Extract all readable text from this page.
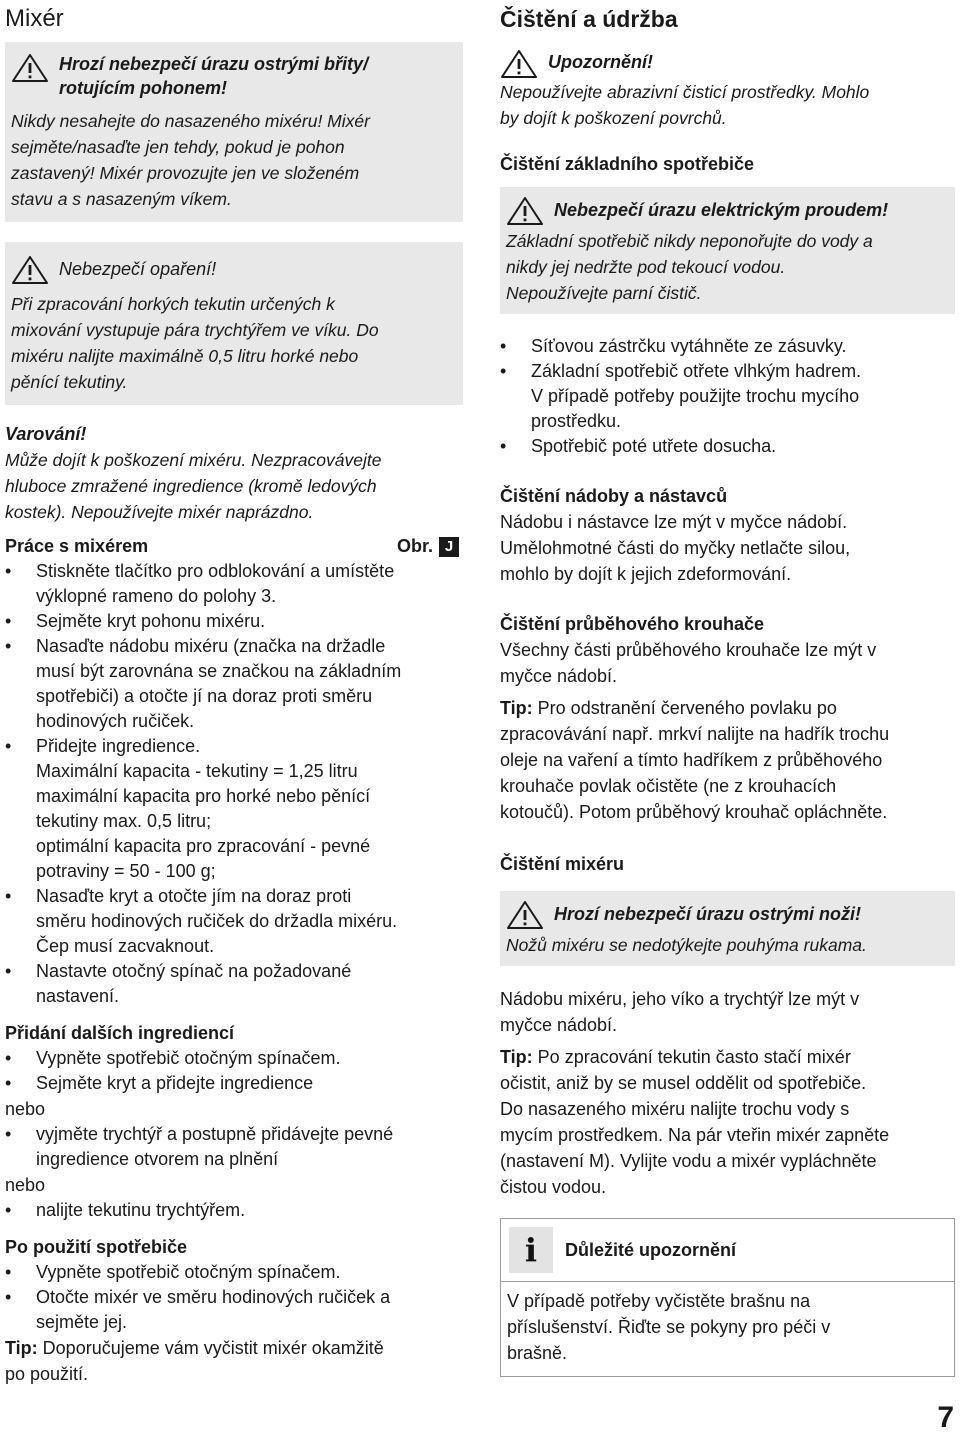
Mixér
Hrozí nebezpečí úrazu ostrými břity/
rotujícím pohonem!
Nikdy nesahejte do nasazeného mixéru! Mixér
sejměte/nasaďte jen tehdy, pokud je pohon
zastavený! Mixér provozujte jen ve složeném
stavu a s nasazeným víkem.
Nebezpečí opaření!
Při zpracování horkých tekutin určených k
mixování vystupuje pára trychtýřem ve víku. Do
mixéru nalijte maximálně 0,5 litru horké nebo
pěnící tekutiny.
Varování!
Může dojít k poškození mixéru. Nezpracovávejte
hluboce zmražené ingredience (kromě ledových
kostek). Nepoužívejte mixér naprázdno.
Práce s mixérem	Obr. J
• Stiskněte tlačítko pro odblokování a umístěte
výklopné rameno do polohy 3.
• Sejměte kryt pohonu mixéru.
• Nasaďte nádobu mixéru (značka na držadle
musí být zarovnána se značkou na základním
spotřebiči) a otočte jí na doraz proti směru
hodinových ručiček.
• Přidejte ingredience.
Maximální kapacita - tekutiny = 1,25 litru
maximální kapacita pro horké nebo pěnící
tekutiny max. 0,5 litru;
optimální kapacita pro zpracování - pevné
potraviny = 50 - 100 g;
• Nasaďte kryt a otočte jím na doraz proti
směru hodinových ručiček do držadla mixéru.
Čep musí zacvaknout.
• Nastavte otočný spínač na požadované
nastavení.
Přidání dalších ingrediencí
• Vypněte spotřebič otočným spínačem.
• Sejměte kryt a přidejte ingredience
nebo
• vyjměte trychtýř a postupně přidávejte pevné
ingredience otvorem na plnění
nebo
• nalijte tekutinu trychtýřem.
Po použití spotřebiče
• Vypněte spotřebič otočným spínačem.
• Otočte mixér ve směru hodinových ručiček a
sejměte jej.
Tip: Doporučujeme vám vyčistit mixér okamžitě
po použití.
Čištění a údržba
Upozornění!
Nepoužívejte abrazivní čisticí prostředky. Mohlo
by dojít k poškození povrchů.
Čištění základního spotřebiče
Nebezpečí úrazu elektrickým proudem!
Základní spotřebič nikdy neponořujte do vody a
nikdy jej nedržte pod tekoucí vodou.
Nepoužívejte parní čistič.
• Síťovou zástrčku vytáhněte ze zásuvky.
• Základní spotřebič otřete vlhkým hadrem.
V případě potřeby použijte trochu mycího
prostředku.
• Spotřebič poté utřete dosucha.
Čištění nádoby a nástavců
Nádobu i nástavce lze mýt v myčce nádobí.
Umělohmotné části do myčky netlačte silou,
mohlo by dojít k jejich zdeformování.
Čištění průběhového krouhače
Všechny části průběhového krouhače lze mýt v
myčce nádobí.
Tip: Pro odstranění červeného povlaku po
zpracovávání např. mrkví nalijte na hadřík trochu
oleje na vaření a tímto hadříkem z průběhového
krouhače povlak očistěte (ne z krouhacích
kotoučů). Potom průběhový krouhač opláchněte.
Čištění mixéru
Hrozí nebezpečí úrazu ostrými noži!
Nožů mixéru se nedotýkejte pouhýma rukama.
Nádobu mixéru, jeho víko a trychtýř lze mýt v
myčce nádobí.
Tip: Po zpracování tekutin často stačí mixér
očistit, aniž by se musel oddělit od spotřebiče.
Do nasazeného mixéru nalijte trochu vody s
mycím prostředkem. Na pár vteřin mixér zapněte
(nastavení M). Vylijte vodu a mixér vypláchněte
čistou vodou.
i	Důležité upozornění
V případě potřeby vyčistěte brašnu na
příslušenství. Řiďte se pokyny pro péči v
brašně.
7
